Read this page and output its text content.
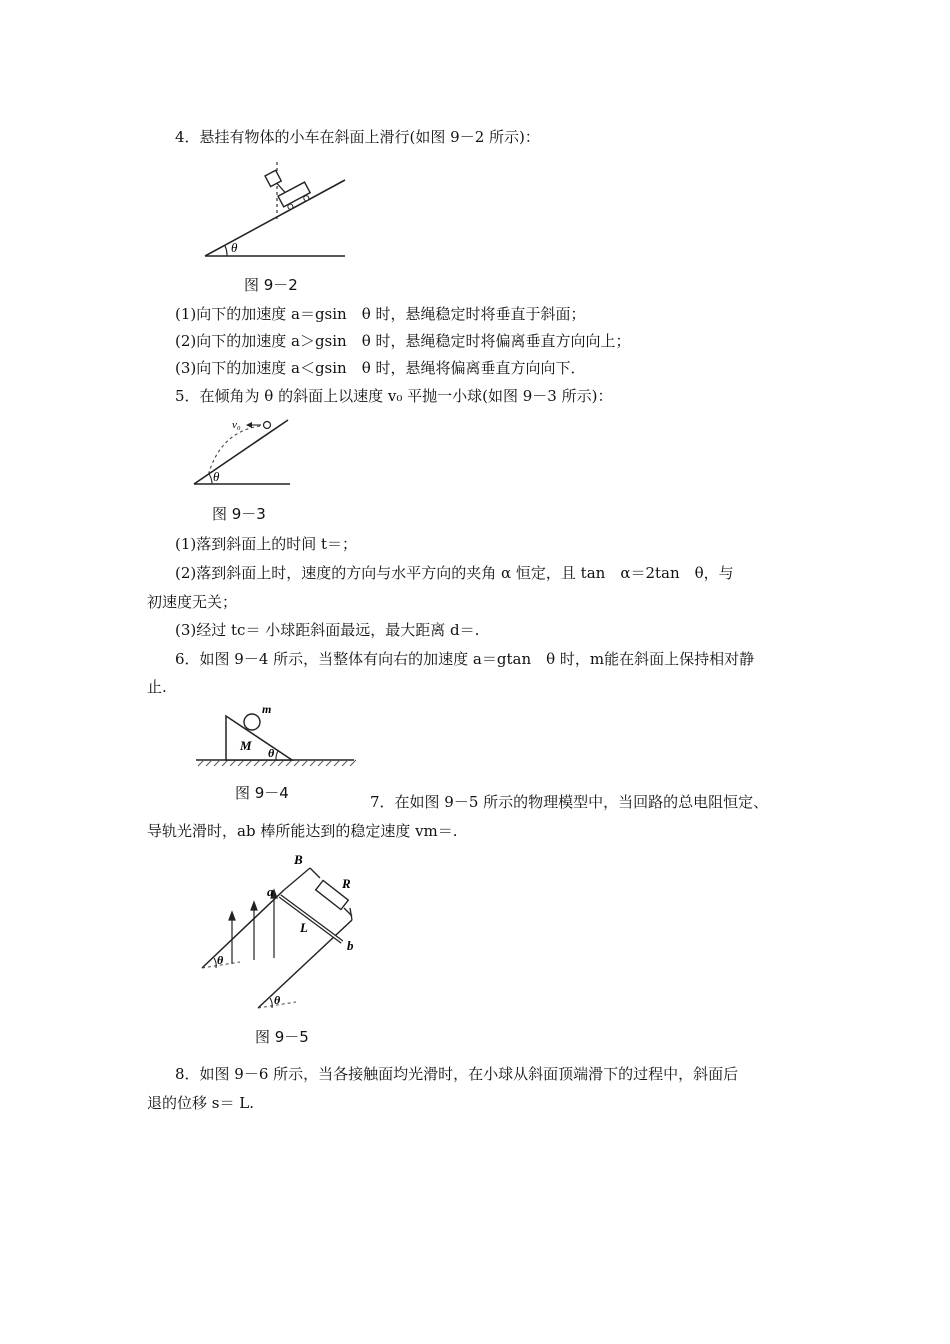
4．悬挂有物体的小车在斜面上滑行(如图 9－2 所示)：
θ
图 9－2
(1)向下的加速度 a＝gsin　θ 时，悬绳稳定时将垂直于斜面；
(2)向下的加速度 a＞gsin　θ 时，悬绳稳定时将偏离垂直方向向上；
(3)向下的加速度 a＜gsin　θ 时，悬绳将偏离垂直方向向下．
5．在倾角为 θ 的斜面上以速度 v₀ 平抛一小球(如图 9－3 所示)：
v₀
θ
图 9－3
(1)落到斜面上的时间 t＝；
(2)落到斜面上时，速度的方向与水平方向的夹角 α 恒定，且 tan　α＝2tan　θ，与
初速度无关；
(3)经过 tc＝ 小球距斜面最远，最大距离 d＝.
6．如图 9－4 所示，当整体有向右的加速度 a＝gtan　θ 时，m能在斜面上保持相对静
止.
m
M θ
图 9－4	7．在如图 9－5 所示的物理模型中，当回路的总电阻恒定、
导轨光滑时，ab 棒所能达到的稳定速度 vm＝.
θ
θ
B
R
a
b
L
图 9－5
8．如图 9－6 所示，当各接触面均光滑时，在小球从斜面顶端滑下的过程中，斜面后
退的位移 s＝ L.
